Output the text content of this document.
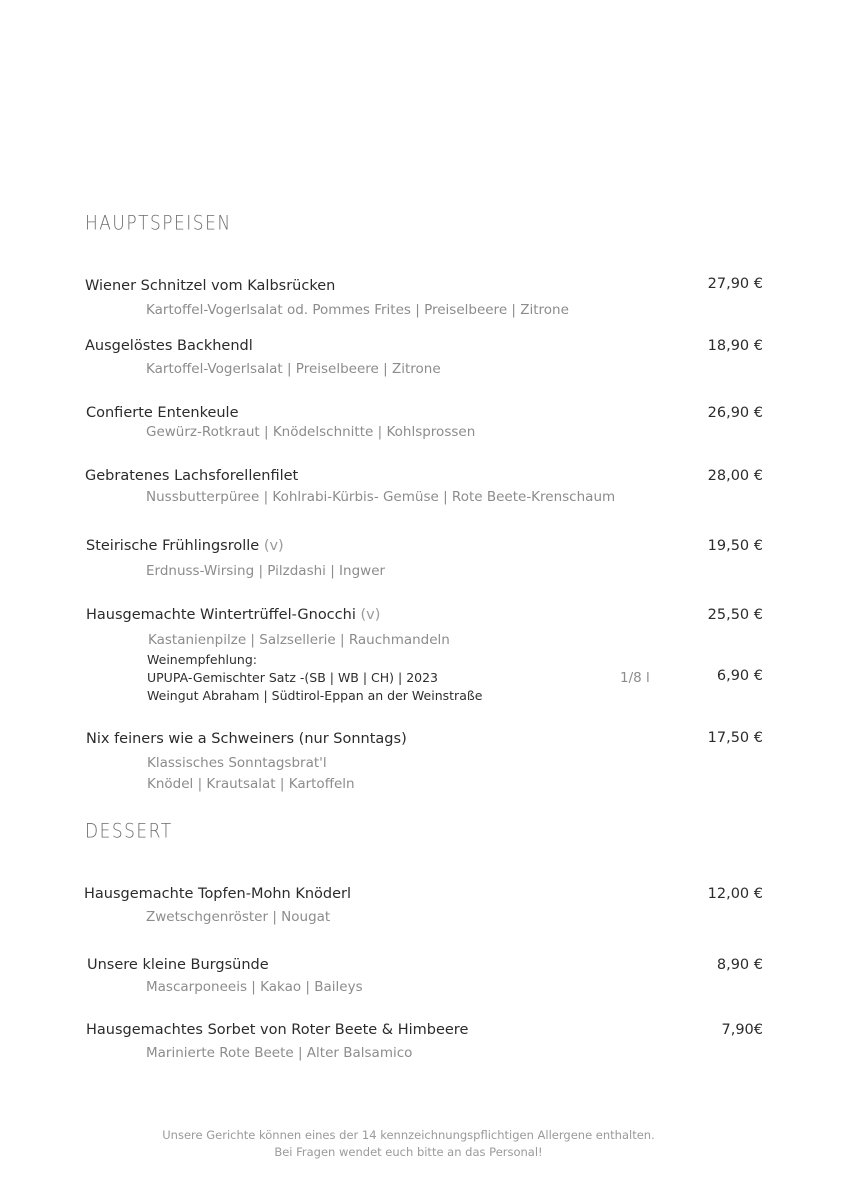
HAUPTSPEISEN
Wiener Schnitzel vom Kalbsrücken	27,90 €
Kartoffel-Vogerlsalat od. Pommes Frites | Preiselbeere | Zitrone
Ausgelöstes Backhendl	18,90 €
Kartoffel-Vogerlsalat | Preiselbeere | Zitrone
Confierte Entenkeule	26,90 €
Gewürz-Rotkraut | Knödelschnitte | Kohlsprossen
Gebratenes Lachsforellenfilet	28,00 €
Nussbutterpüree | Kohlrabi-Kürbis- Gemüse | Rote Beete-Krenschaum
Steirische Frühlingsrolle (v)	19,50 €
Erdnuss-Wirsing | Pilzdashi | Ingwer
Hausgemachte Wintertrüffel-Gnocchi (v)	25,50 €
Kastanienpilze | Salzsellerie | Rauchmandeln
Weinempfehlung:
UPUPA-Gemischter Satz -(SB | WB | CH) | 2023	1/8 l	6,90 €
Weingut Abraham | Südtirol-Eppan an der Weinstraße
Nix feiners wie a Schweiners (nur Sonntags)	17,50 €
Klassisches Sonntagsbrat'l
Knödel | Krautsalat | Kartoffeln
DESSERT
Hausgemachte Topfen-Mohn Knöderl	12,00 €
Zwetschgenröster | Nougat
Unsere kleine Burgsünde	8,90 €
Mascarponeeis | Kakao | Baileys
Hausgemachtes Sorbet von Roter Beete & Himbeere	7,90€
Marinierte Rote Beete | Alter Balsamico
Unsere Gerichte können eines der 14 kennzeichnungspflichtigen Allergene enthalten.
Bei Fragen wendet euch bitte an das Personal!
